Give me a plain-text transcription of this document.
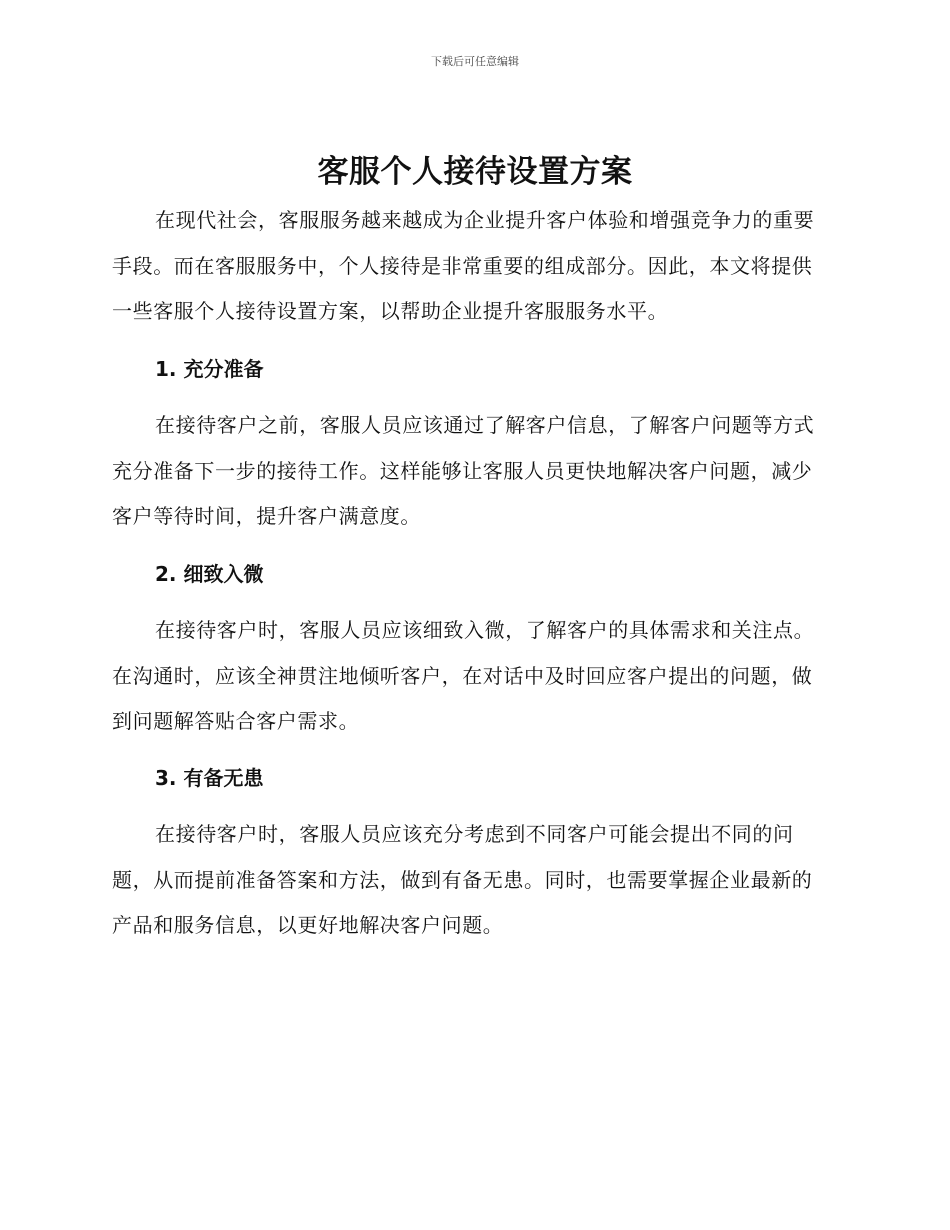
下载后可任意编辑
客服个人接待设置方案

在现代社会，客服服务越来越成为企业提升客户体验和增强竞争力的重要手段。而在客服服务中，个人接待是非常重要的组成部分。因此，本文将提供一些客服个人接待设置方案，以帮助企业提升客服服务水平。

1. 充分准备

在接待客户之前，客服人员应该通过了解客户信息，了解客户问题等方式充分准备下一步的接待工作。这样能够让客服人员更快地解决客户问题，减少客户等待时间，提升客户满意度。

2. 细致入微

在接待客户时，客服人员应该细致入微，了解客户的具体需求和关注点。在沟通时，应该全神贯注地倾听客户，在对话中及时回应客户提出的问题，做到问题解答贴合客户需求。

3. 有备无患

在接待客户时，客服人员应该充分考虑到不同客户可能会提出不同的问题，从而提前准备答案和方法，做到有备无患。同时，也需要掌握企业最新的产品和服务信息，以更好地解决客户问题。
